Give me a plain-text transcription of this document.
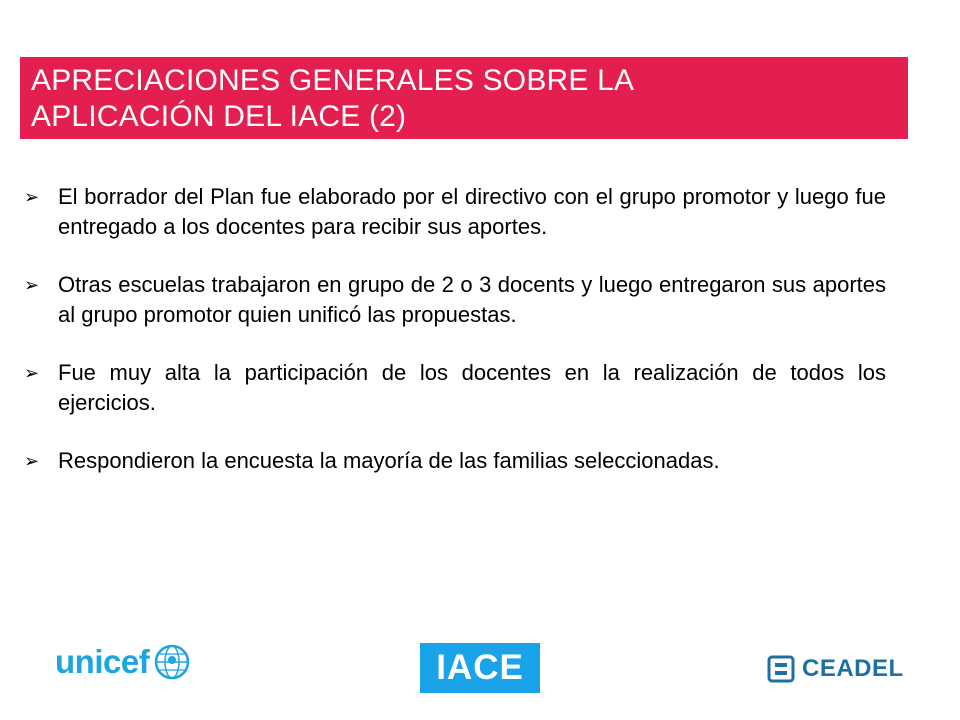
APRECIACIONES GENERALES SOBRE LA
APLICACIÓN DEL IACE (2)
➢ El borrador del Plan fue elaborado por el directivo con el grupo promotor y luego fue entregado a los docentes para recibir sus aportes.
➢ Otras escuelas trabajaron en grupo de 2 o 3 docents y luego entregaron sus aportes al grupo promotor quien unificó las propuestas.
➢ Fue muy alta la participación de los docentes en la realización de todos los ejercicios.
➢ Respondieron la encuesta la mayoría de las familias seleccionadas.
unicef	IACE	CEADEL
